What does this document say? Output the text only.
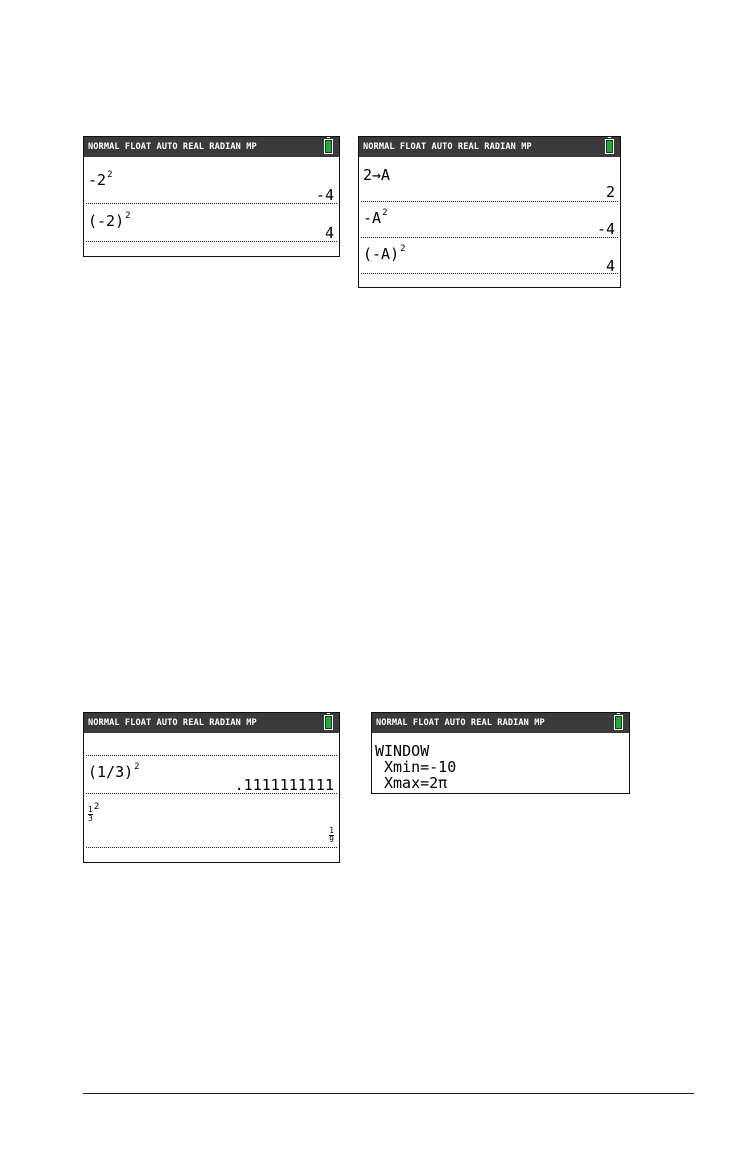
NORMAL FLOAT AUTO REAL RADIAN MP
$-2^2$
-4
$(-2)^2$
4
NORMAL FLOAT AUTO REAL RADIAN MP
2→A
2
$-A^2$
-4
$(-A)^2$
4
NORMAL FLOAT AUTO REAL RADIAN MP
$(1/3)^2$
.1111111111
$\frac{1}{3} ^2$
$\frac{1}{9}$
NORMAL FLOAT AUTO REAL RADIAN MP
WINDOW
Xmin=-10
Xmax=2π
